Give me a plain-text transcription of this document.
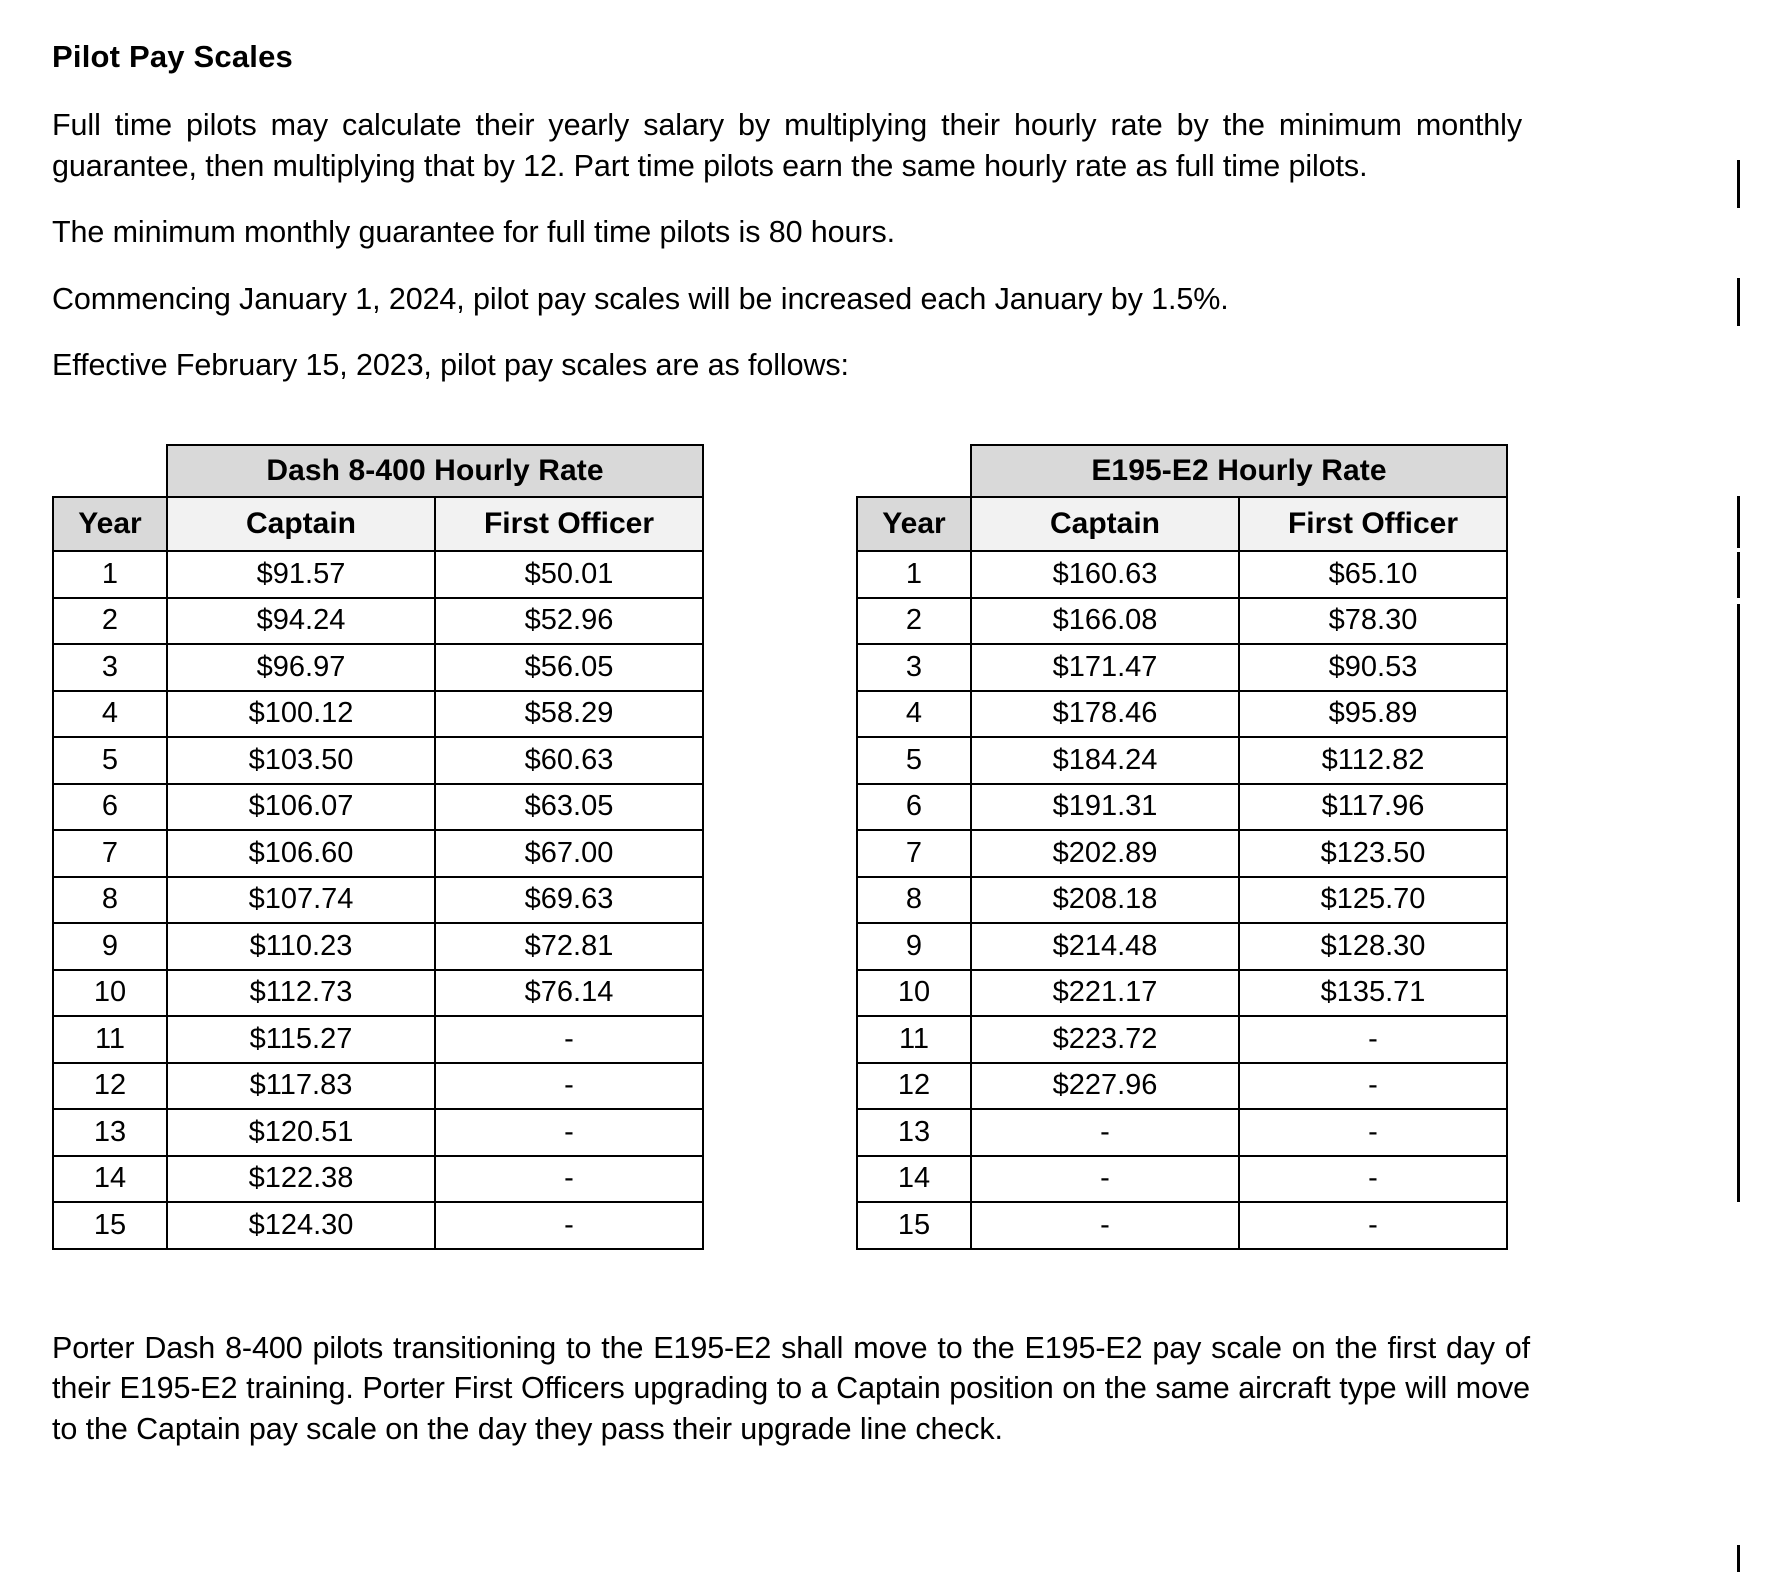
Pilot Pay Scales

Full time pilots may calculate their yearly salary by multiplying their hourly rate by the minimum monthly guarantee, then multiplying that by 12. Part time pilots earn the same hourly rate as full time pilots.

The minimum monthly guarantee for full time pilots is 80 hours.

Commencing January 1, 2024, pilot pay scales will be increased each January by 1.5%.

Effective February 15, 2023, pilot pay scales are as follows:

	Dash 8-400 Hourly Rate	
Year	Captain	First Officer
1	$91.57	$50.01
2	$94.24	$52.96
3	$96.97	$56.05
4	$100.12	$58.29
5	$103.50	$60.63
6	$106.07	$63.05
7	$106.60	$67.00
8	$107.74	$69.63
9	$110.23	$72.81
10	$112.73	$76.14
11	$115.27	-
12	$117.83	-
13	$120.51	-
14	$122.38	-
15	$124.30	-
	E195-E2 Hourly Rate	
Year	Captain	First Officer
1	$160.63	$65.10
2	$166.08	$78.30
3	$171.47	$90.53
4	$178.46	$95.89
5	$184.24	$112.82
6	$191.31	$117.96
7	$202.89	$123.50
8	$208.18	$125.70
9	$214.48	$128.30
10	$221.17	$135.71
11	$223.72	-
12	$227.96	-
13	-	-
14	-	-
15	-	-

Porter Dash 8-400 pilots transitioning to the E195-E2 shall move to the E195-E2 pay scale on the first day of their E195-E2 training. Porter First Officers upgrading to a Captain position on the same aircraft type will move to the Captain pay scale on the day they pass their upgrade line check.
